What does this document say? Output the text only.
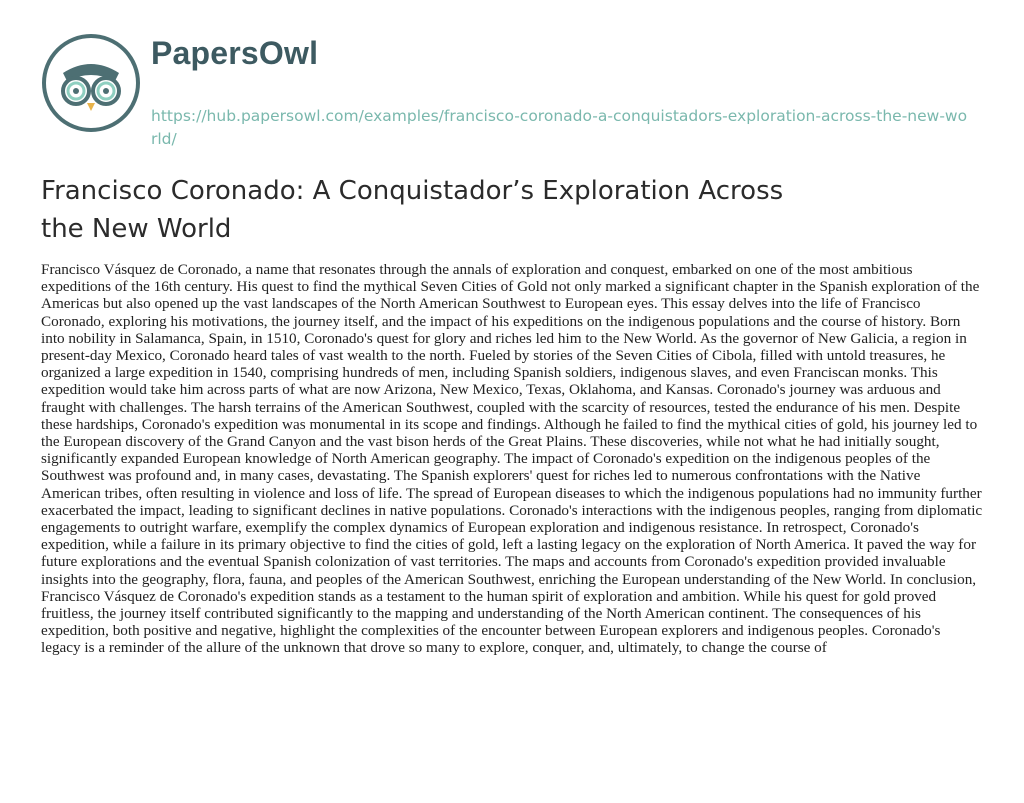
PapersOwl
https://hub.papersowl.com/examples/francisco-coronado-a-conquistadors-exploration-across-the-new-world/
Francisco Coronado: A Conquistador’s Exploration Across the New World

Francisco Vásquez de Coronado, a name that resonates through the annals of exploration and conquest, embarked on one of the most ambitious expeditions of the 16th century. His quest to find the mythical Seven Cities of Gold not only marked a significant chapter in the Spanish exploration of the Americas but also opened up the vast landscapes of the North American Southwest to European eyes. This essay delves into the life of Francisco Coronado, exploring his motivations, the journey itself, and the impact of his expeditions on the indigenous populations and the course of history. Born into nobility in Salamanca, Spain, in 1510, Coronado's quest for glory and riches led him to the New World. As the governor of New Galicia, a region in present-day Mexico, Coronado heard tales of vast wealth to the north. Fueled by stories of the Seven Cities of Cibola, filled with untold treasures, he organized a large expedition in 1540, comprising hundreds of men, including Spanish soldiers, indigenous slaves, and even Franciscan monks. This expedition would take him across parts of what are now Arizona, New Mexico, Texas, Oklahoma, and Kansas. Coronado's journey was arduous and fraught with challenges. The harsh terrains of the American Southwest, coupled with the scarcity of resources, tested the endurance of his men. Despite these hardships, Coronado's expedition was monumental in its scope and findings. Although he failed to find the mythical cities of gold, his journey led to the European discovery of the Grand Canyon and the vast bison herds of the Great Plains. These discoveries, while not what he had initially sought, significantly expanded European knowledge of North American geography. The impact of Coronado's expedition on the indigenous peoples of the Southwest was profound and, in many cases, devastating. The Spanish explorers' quest for riches led to numerous confrontations with the Native American tribes, often resulting in violence and loss of life. The spread of European diseases to which the indigenous populations had no immunity further exacerbated the impact, leading to significant declines in native populations. Coronado's interactions with the indigenous peoples, ranging from diplomatic engagements to outright warfare, exemplify the complex dynamics of European exploration and indigenous resistance. In retrospect, Coronado's expedition, while a failure in its primary objective to find the cities of gold, left a lasting legacy on the exploration of North America. It paved the way for future explorations and the eventual Spanish colonization of vast territories. The maps and accounts from Coronado's expedition provided invaluable insights into the geography, flora, fauna, and peoples of the American Southwest, enriching the European understanding of the New World. In conclusion, Francisco Vásquez de Coronado's expedition stands as a testament to the human spirit of exploration and ambition. While his quest for gold proved fruitless, the journey itself contributed significantly to the mapping and understanding of the North American continent. The consequences of his expedition, both positive and negative, highlight the complexities of the encounter between European explorers and indigenous peoples. Coronado's legacy is a reminder of the allure of the unknown that drove so many to explore, conquer, and, ultimately, to change the course of
